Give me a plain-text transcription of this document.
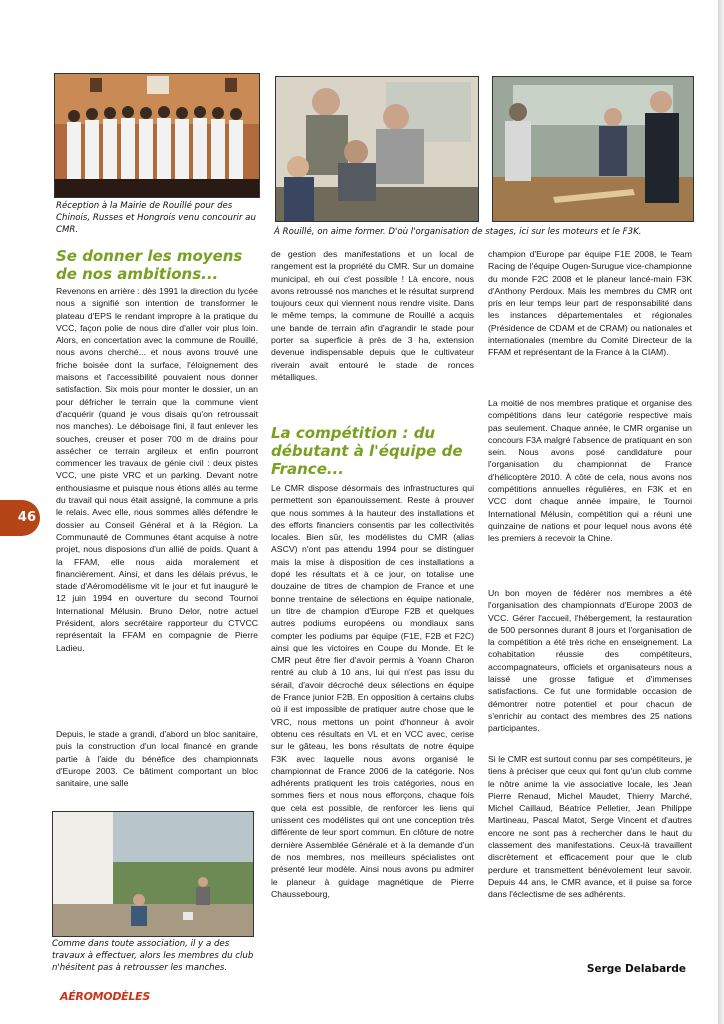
Réception à la Mairie de Rouillé pour des Chinois, Russes et Hongrois venu concourir au CMR.	À Rouillé, on aime former. D'où l'organisation de stages, ici sur les moteurs et le F3K.
Se donner les moyens de nos ambitions...
Revenons en arrière : dès 1991 la direction du lycée nous a signifié son intention de transformer le plateau d'EPS le rendant impropre à la pratique du VCC, façon polie de nous dire d'aller voir plus loin. Alors, en concertation avec la commune de Rouillé, nous avons cherché... et nous avons trouvé une friche boisée dont la surface, l'éloignement des maisons et l'accessibilité pouvaient nous donner satisfaction. Six mois pour monter le dossier, un an pour défricher le terrain que la commune vient d'acquérir (quand je vous disais qu'on retroussait nos manches). Le déboisage fini, il faut enlever les souches, creuser et poser 700 m de drains pour assécher ce terrain argileux et enfin pourront commencer les travaux de génie civil : deux pistes VCC, une piste VRC et un parking. Devant notre enthousiasme et puisque nous étions allés au terme du travail qui nous était assigné, la commune a pris le relais. Avec elle, nous sommes allés défendre le dossier au Conseil Général et à la Région. La Communauté de Communes étant acquise à notre projet, nous disposions d'un allié de poids. Quant à la FFAM, elle nous aida moralement et financièrement. Ainsi, et dans les délais prévus, le stade d'Aéromodélisme vit le jour et fut inauguré le 12 juin 1994 en ouverture du second Tournoi International Mélusin. Bruno Delor, notre actuel Président, alors secrétaire rapporteur du CTVCC représentait la FFAM en compagnie de Pierre Ladieu.
Depuis, le stade a grandi, d'abord un bloc sanitaire, puis la construction d'un local financé en grande partie à l'aide du bénéfice des championnats d'Europe 2003. Ce bâtiment comportant un bloc sanitaire, une salle
Comme dans toute association, il y a des travaux à effectuer, alors les membres du club n'hésitent pas à retrousser les manches.
de gestion des manifestations et un local de rangement est la propriété du CMR. Sur un domaine municipal, eh oui c'est possible ! Là encore, nous avons retroussé nos manches et le résultat surprend toujours ceux qui viennent nous rendre visite. Dans le même temps, la commune de Rouillé a acquis une bande de terrain afin d'agrandir le stade pour porter sa superficie à près de 3 ha, extension devenue indispensable depuis que le cultivateur riverain avait entouré le stade de ronces métalliques.
La compétition : du débutant à l'équipe de France...
Le CMR dispose désormais des infrastructures qui permettent son épanouissement. Reste à prouver que nous sommes à la hauteur des installations et des efforts financiers consentis par les collectivités locales. Bien sûr, les modélistes du CMR (alias ASCV) n'ont pas attendu 1994 pour se distinguer mais la mise à disposition de ces installations a dopé les résultats et à ce jour, on totalise une douzaine de titres de champion de France et une bonne trentaine de sélections en équipe nationale, un titre de champion d'Europe F2B et quelques autres podiums européens ou mondiaux sans compter les podiums par équipe (F1E, F2B et F2C) ainsi que les victoires en Coupe du Monde. Et le CMR peut être fier d'avoir permis à Yoann Charon rentré au club à 10 ans, lui qui n'est pas issu du sérail, d'avoir décroché deux sélections en équipe de France junior F2B. En opposition à certains clubs où il est impossible de pratiquer autre chose que le VRC, nous mettons un point d'honneur à avoir obtenu ces résultats en VL et en VCC avec, cerise sur le gâteau, les bons résultats de notre équipe F3K avec laquelle nous avons organisé le championnat de France 2006 de la catégorie. Nos adhérents pratiquent les trois catégories, nous en sommes fiers et nous nous efforçons, chaque fois que cela est possible, de renforcer les liens qui unissent ces modélistes qui ont une conception très différente de leur sport commun. En clôture de notre dernière Assemblée Générale et à la demande d'un de nos membres, nos meilleurs spécialistes ont présenté leur modèle. Ainsi nous avons pu admirer le planeur à guidage magnétique de Pierre Chaussebourg,
champion d'Europe par équipe F1E 2008, le Team Racing de l'équipe Ougen-Surugue vice-championne du monde F2C 2008 et le planeur lancé-main F3K d'Anthony Perdoux. Mais les membres du CMR ont pris en leur temps leur part de responsabilité dans les instances départementales et régionales (Présidence de CDAM et de CRAM) ou nationales et internationales (membre du Comité Directeur de la FFAM et représentant de la France à la CIAM).
La moitié de nos membres pratique et organise des compétitions dans leur catégorie respective mais pas seulement. Chaque année, le CMR organise un concours F3A malgré l'absence de pratiquant en son sein. Nous avons posé candidature pour l'organisation du championnat de France d'hélicoptère 2010. À côté de cela, nous avons nos compétitions annuelles régulières, en F3K et en VCC dont chaque année impaire, le Tournoi International Mélusin, compétition qui a réuni une quinzaine de nations et pour lequel nous avons été les premiers à recevoir la Chine.
Un bon moyen de fédérer nos membres a été l'organisation des championnats d'Europe 2003 de VCC. Gérer l'accueil, l'hébergement, la restauration de 500 personnes durant 8 jours et l'organisation de la compétition a été très riche en enseignement. La cohabitation réussie des compétiteurs, accompagnateurs, officiels et organisateurs nous a laissé une grosse fatigue et d'immenses satisfactions. Ce fut une formidable occasion de démontrer notre potentiel et pour chacun de s'enrichir au contact des membres des 25 nations participantes.
Si le CMR est surtout connu par ses compétiteurs, je tiens à préciser que ceux qui font qu'un club comme le nôtre anime la vie associative locale, les Jean Pierre Renaud, Michel Maudet, Thierry Marché, Michel Caillaud, Béatrice Pelletier, Jean Philippe Martineau, Pascal Matot, Serge Vincent et d'autres encore ne sont pas à rechercher dans le haut du classement des manifestations. Ceux-là travaillent discrètement et efficacement pour que le club perdure et transmettent bénévolement leur savoir. Depuis 44 ans, le CMR avance, et il puise sa force dans l'éclectisme de ses adhérents.
46
Serge Delabarde
AÉROMODÈLES
